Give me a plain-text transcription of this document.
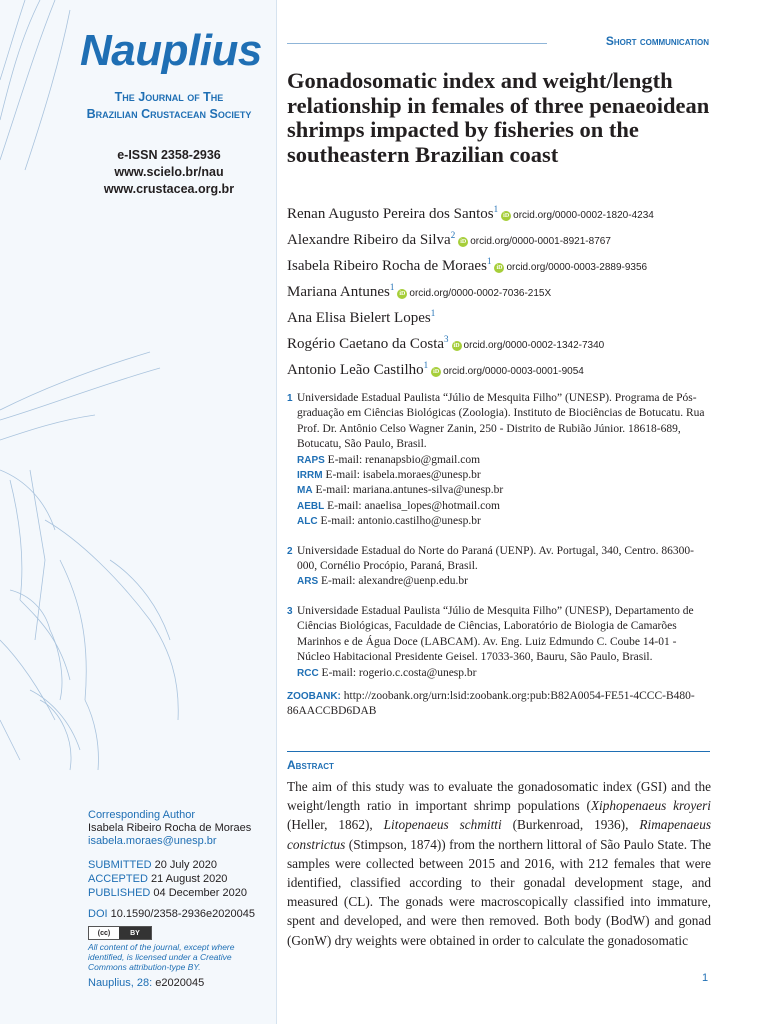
Nauplius
The Journal of The
Brazilian Crustacean Society
e-ISSN 2358-2936
www.scielo.br/nau
www.crustacea.org.br
Corresponding Author
Isabela Ribeiro Rocha de Moraes
isabela.moraes@unesp.br
SUBMITTED 20 July 2020
ACCEPTED 21 August 2020
PUBLISHED 04 December 2020
DOI 10.1590/2358-2936e2020045
(cc)	BY
All content of the journal, except where identified, is licensed under a Creative Commons attribution-type BY.
Nauplius, 28: e2020045
Short communication
Gonadosomatic index and weight/length relationship in females of three penaeoidean shrimps impacted by fisheries on the southeastern Brazilian coast
Renan Augusto Pereira dos Santos$^1$iD orcid.org/0000-0002-1820-4234
Alexandre Ribeiro da Silva$^2$iD orcid.org/0000-0001-8921-8767
Isabela Ribeiro Rocha de Moraes$^1$iD orcid.org/0000-0003-2889-9356
Mariana Antunes$^1$iD orcid.org/0000-0002-7036-215X
Ana Elisa Bielert Lopes$^1$
Rogério Caetano da Costa$^3$iD orcid.org/0000-0002-1342-7340
Antonio Leão Castilho$^1$iD orcid.org/0000-0003-0001-9054
1 Universidade Estadual Paulista “Júlio de Mesquita Filho” (UNESP). Programa de Pós-graduação em Ciências Biológicas (Zoologia). Instituto de Biociências de Botucatu. Rua Prof. Dr. Antônio Celso Wagner Zanin, 250 - Distrito de Rubião Júnior. 18618-689, Botucatu, São Paulo, Brasil.
RAPS E-mail: renanapsbio@gmail.com
IRRM E-mail: isabela.moraes@unesp.br
MA E-mail: mariana.antunes-silva@unesp.br
AEBL E-mail: anaelisa_lopes@hotmail.com
ALC E-mail: antonio.castilho@unesp.br
2 Universidade Estadual do Norte do Paraná (UENP). Av. Portugal, 340, Centro. 86300-000, Cornélio Procópio, Paraná, Brasil.
ARS E-mail: alexandre@uenp.edu.br
3 Universidade Estadual Paulista “Júlio de Mesquita Filho” (UNESP), Departamento de Ciências Biológicas, Faculdade de Ciências, Laboratório de Biologia de Camarões Marinhos e de Água Doce (LABCAM). Av. Eng. Luiz Edmundo C. Coube 14-01 - Núcleo Habitacional Presidente Geisel. 17033-360, Bauru, São Paulo, Brasil.
RCC E-mail: rogerio.c.costa@unesp.br
ZOOBANK: http://zoobank.org/urn:lsid:zoobank.org:pub:B82A0054-FE51-4CCC-B480-86AACCBD6DAB
Abstract
The aim of this study was to evaluate the gonadosomatic index (GSI) and the weight/length ratio in important shrimp populations (Xiphopenaeus kroyeri (Heller, 1862), Litopenaeus schmitti (Burkenroad, 1936), Rimapenaeus constrictus (Stimpson, 1874)) from the northern littoral of São Paulo State. The samples were collected between 2015 and 2016, with 212 females that were identified, classified according to their gonadal development stage, and measured (CL). The gonads were macroscopically classified into immature, spent and developed, and were then removed. Both body (BodW) and gonad (GonW) dry weights were obtained in order to calculate the gonadosomatic
1
